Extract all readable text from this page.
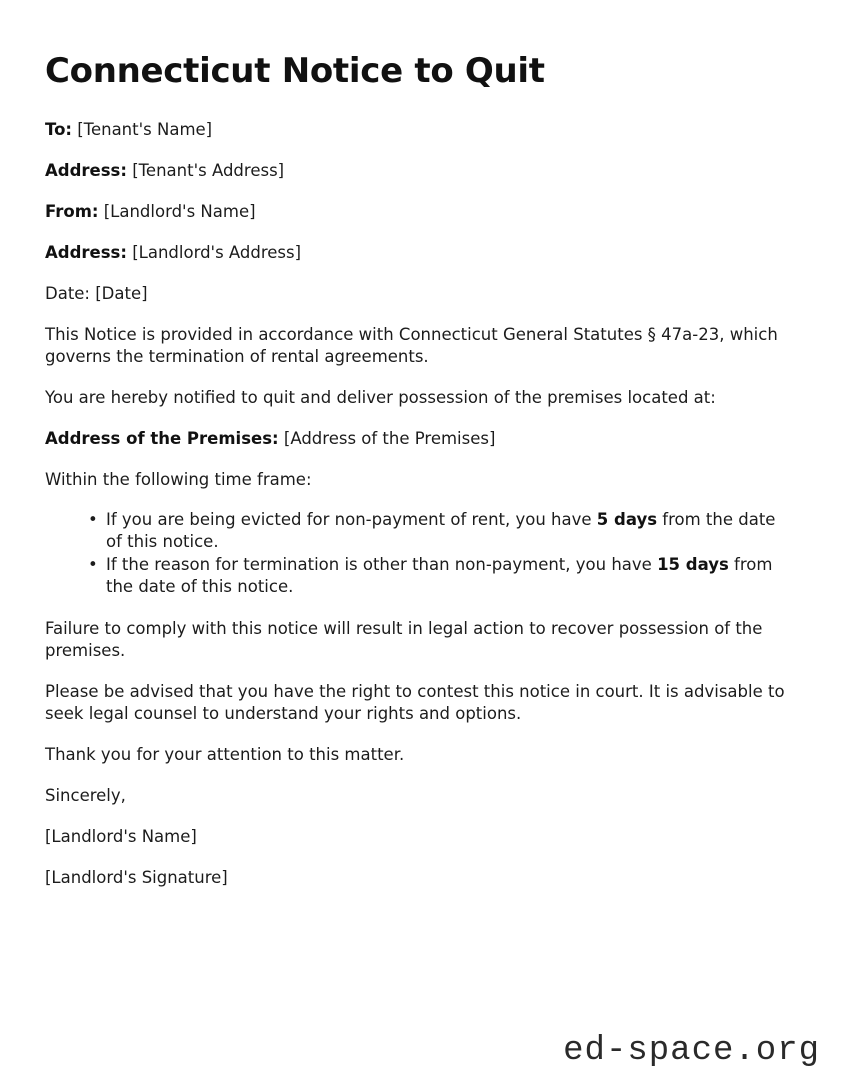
Connecticut Notice to Quit

To: [Tenant's Name]

Address: [Tenant's Address]

From: [Landlord's Name]

Address: [Landlord's Address]

Date: [Date]

This Notice is provided in accordance with Connecticut General Statutes § 47a-23, which governs the termination of rental agreements.

You are hereby notified to quit and deliver possession of the premises located at:

Address of the Premises: [Address of the Premises]

Within the following time frame:

• If you are being evicted for non-payment of rent, you have 5 days from the date of this notice.
• If the reason for termination is other than non-payment, you have 15 days from the date of this notice.

Failure to comply with this notice will result in legal action to recover possession of the premises.

Please be advised that you have the right to contest this notice in court. It is advisable to seek legal counsel to understand your rights and options.

Thank you for your attention to this matter.

Sincerely,

[Landlord's Name]

[Landlord's Signature]

ed-space.org
